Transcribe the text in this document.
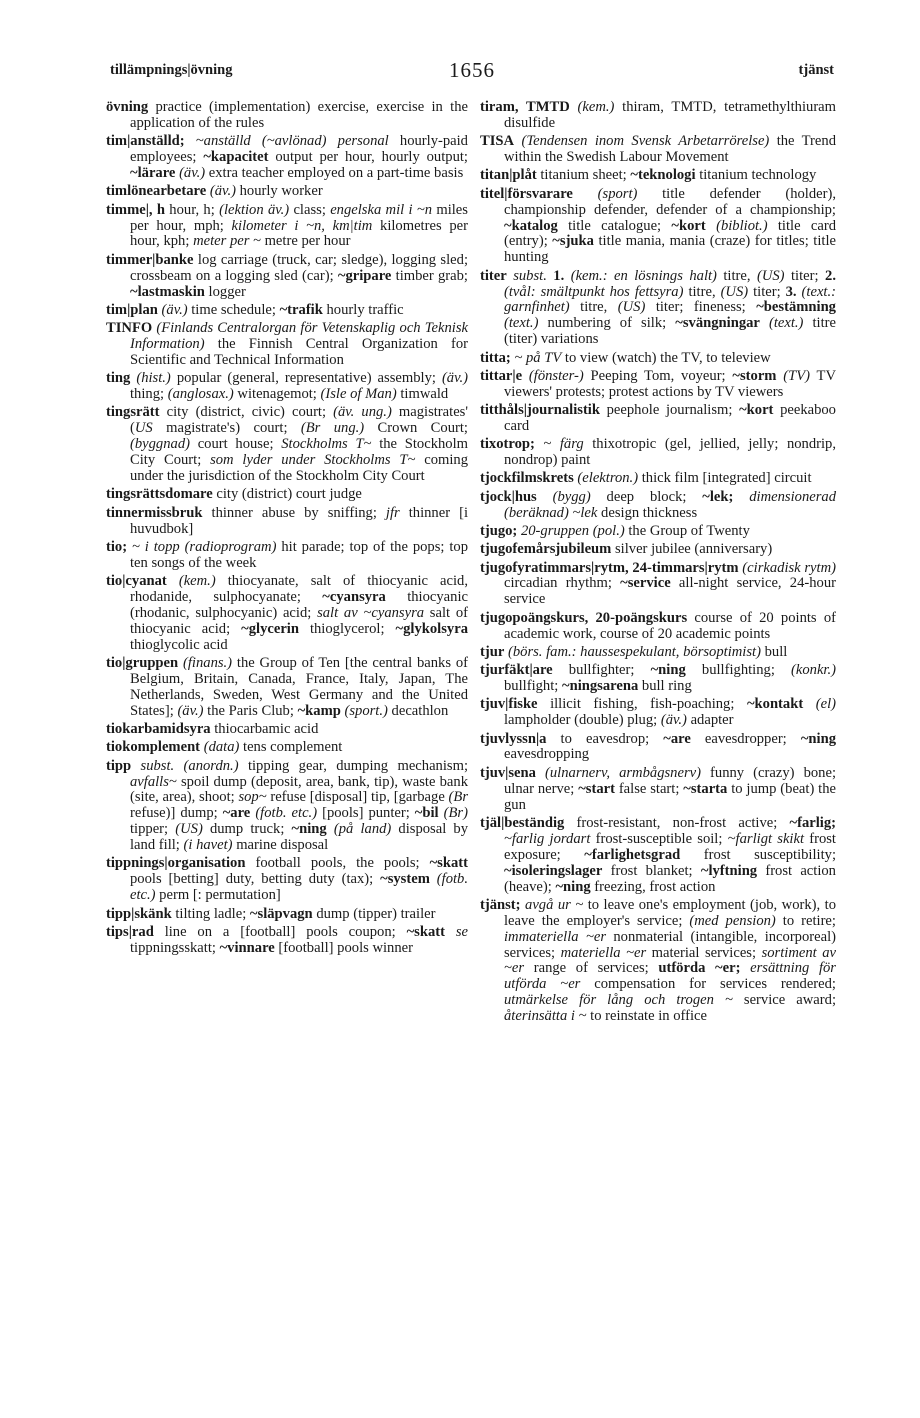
tillämpnings|övning	1656	tjänst

övning practice (implementation) exercise, exercise in the application of the rules

tim|anställd; ~anställd (~avlönad) personal hourly-paid employees; ~kapacitet output per hour, hourly output; ~lärare (äv.) extra teacher employed on a part-time basis

timlönearbetare (äv.) hourly worker

timme|, h hour, h; (lektion äv.) class; engelska mil i ~n miles per hour, mph; kilometer i ~n, km|tim kilometres per hour, kph; meter per ~ metre per hour

timmer|banke log carriage (truck, car; sledge), logging sled; crossbeam on a logging sled (car); ~gripare timber grab; ~lastmaskin logger

tim|plan (äv.) time schedule; ~trafik hourly traffic

TINFO (Finlands Centralorgan för Vetenskaplig och Teknisk Information) the Finnish Central Organization for Scientific and Technical Information

ting (hist.) popular (general, representative) assembly; (äv.) thing; (anglosax.) witenagemot; (Isle of Man) timwald

tingsrätt city (district, civic) court; (äv. ung.) magistrates' (US magistrate's) court; (Br ung.) Crown Court; (byggnad) court house; Stockholms T~ the Stockholm City Court; som lyder under Stockholms T~ coming under the jurisdiction of the Stockholm City Court

tingsrättsdomare city (district) court judge

tinnermissbruk thinner abuse by sniffing; jfr thinner [i huvudbok]

tio; ~ i topp (radioprogram) hit parade; top of the pops; top ten songs of the week

tio|cyanat (kem.) thiocyanate, salt of thiocyanic acid, rhodanide, sulphocyanate; ~cyansyra thiocyanic (rhodanic, sulphocyanic) acid; salt av ~cyansyra salt of thiocyanic acid; ~glycerin thioglycerol; ~glykolsyra thioglycolic acid

tio|gruppen (finans.) the Group of Ten [the central banks of Belgium, Britain, Canada, France, Italy, Japan, The Netherlands, Sweden, West Germany and the United States]; (äv.) the Paris Club; ~kamp (sport.) decathlon

tiokarbamidsyra thiocarbamic acid

tiokomplement (data) tens complement

tipp subst. (anordn.) tipping gear, dumping mechanism; avfalls~ spoil dump (deposit, area, bank, tip), waste bank (site, area), shoot; sop~ refuse [disposal] tip, [garbage (Br refuse)] dump; ~are (fotb. etc.) [pools] punter; ~bil (Br) tipper; (US) dump truck; ~ning (på land) disposal by land fill; (i havet) marine disposal

tippnings|organisation football pools, the pools; ~skatt pools [betting] duty, betting duty (tax); ~system (fotb. etc.) perm [: permutation]

tipp|skänk tilting ladle; ~släpvagn dump (tipper) trailer

tips|rad line on a [football] pools coupon; ~skatt se tippningsskatt; ~vinnare [football] pools winner

tiram, TMTD (kem.) thiram, TMTD, tetramethylthiuram disulfide

TISA (Tendensen inom Svensk Arbetarrörelse) the Trend within the Swedish Labour Movement

titan|plåt titanium sheet; ~teknologi titanium technology

titel|försvarare (sport) title defender (holder), championship defender, defender of a championship; ~katalog title catalogue; ~kort (bibliot.) title card (entry); ~sjuka title mania, mania (craze) for titles; title hunting

titer subst. 1. (kem.: en lösnings halt) titre, (US) titer; 2. (tvål: smältpunkt hos fettsyra) titre, (US) titer; 3. (text.: garnfinhet) titre, (US) titer; fineness; ~bestämning (text.) numbering of silk; ~svängningar (text.) titre (titer) variations

titta; ~ på TV to view (watch) the TV, to teleview

tittar|e (fönster-) Peeping Tom, voyeur; ~storm (TV) TV viewers' protests; protest actions by TV viewers

titthåls|journalistik peephole journalism; ~kort peekaboo card

tixotrop; ~ färg thixotropic (gel, jellied, jelly; nondrip, nondrop) paint

tjockfilmskrets (elektron.) thick film [integrated] circuit

tjock|hus (bygg) deep block; ~lek; dimensionerad (beräknad) ~lek design thickness

tjugo; 20-gruppen (pol.) the Group of Twenty

tjugofemårsjubileum silver jubilee (anniversary)

tjugofyratimmars|rytm, 24-timmars|rytm (cirkadisk rytm) circadian rhythm; ~service all-night service, 24-hour service

tjugopoängskurs, 20-poängskurs course of 20 points of academic work, course of 20 academic points

tjur (börs. fam.: haussespekulant, börsoptimist) bull

tjurfäkt|are bullfighter; ~ning bullfighting; (konkr.) bullfight; ~ningsarena bull ring

tjuv|fiske illicit fishing, fish-poaching; ~kontakt (el) lampholder (double) plug; (äv.) adapter

tjuvlyssn|a to eavesdrop; ~are eavesdropper; ~ning eavesdropping

tjuv|sena (ulnarnerv, armbågsnerv) funny (crazy) bone; ulnar nerve; ~start false start; ~starta to jump (beat) the gun

tjäl|beständig frost-resistant, non-frost active; ~farlig; ~farlig jordart frost-susceptible soil; ~farligt skikt frost exposure; ~farlighetsgrad frost susceptibility; ~isoleringslager frost blanket; ~lyftning frost action (heave); ~ning freezing, frost action

tjänst; avgå ur ~ to leave one's employment (job, work), to leave the employer's service; (med pension) to retire; immateriella ~er nonmaterial (intangible, incorporeal) services; materiella ~er material services; sortiment av ~er range of services; utförda ~er; ersättning för utförda ~er compensation for services rendered; utmärkelse för lång och trogen ~ service award; återinsätta i ~ to reinstate in office
